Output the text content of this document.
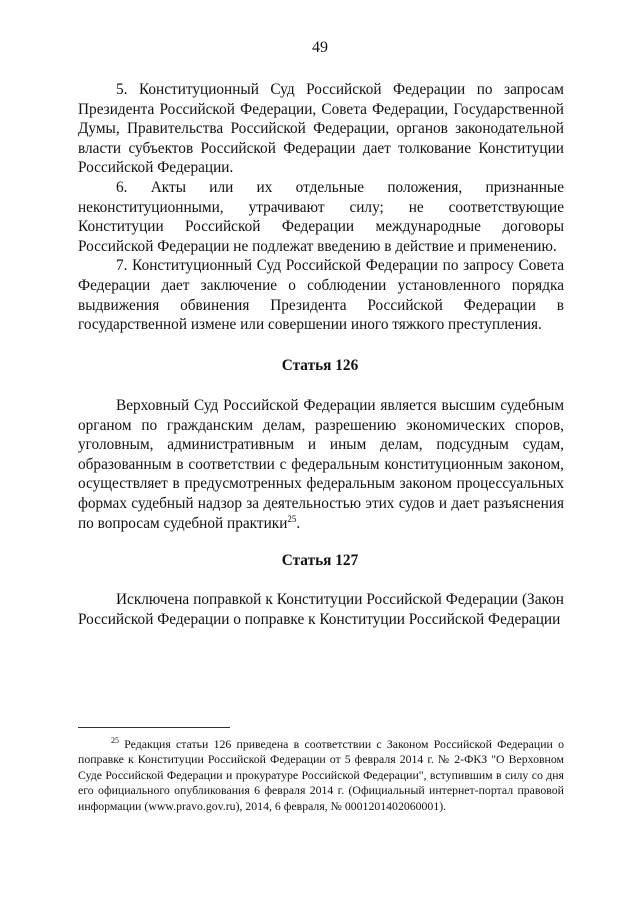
49

5. Конституционный Суд Российской Федерации по запросам Президента Российской Федерации, Совета Федерации, Государственной Думы, Правительства Российской Федерации, органов законодательной власти субъектов Российской Федерации дает толкование Конституции Российской Федерации.

6. Акты или их отдельные положения, признанные неконституционными, утрачивают силу; не соответствующие Конституции Российской Федерации международные договоры Российской Федерации не подлежат введению в действие и применению.

7. Конституционный Суд Российской Федерации по запросу Совета Федерации дает заключение о соблюдении установленного порядка выдвижения обвинения Президента Российской Федерации в государственной измене или совершении иного тяжкого преступления.

Статья 126

Верховный Суд Российской Федерации является высшим судебным органом по гражданским делам, разрешению экономических споров, уголовным, административным и иным делам, подсудным судам, образованным в соответствии с федеральным конституционным законом, осуществляет в предусмотренных федеральным законом процессуальных формах судебный надзор за деятельностью этих судов и дает разъяснения по вопросам судебной практики$^{25}$.

Статья 127

Исключена поправкой к Конституции Российской Федерации (Закон Российской Федерации о поправке к Конституции Российской Федерации

$^{25}$ Редакция статьи 126 приведена в соответствии с Законом Российской Федерации о поправке к Конституции Российской Федерации от 5 февраля 2014 г. № 2-ФКЗ "О Верховном Суде Российской Федерации и прокуратуре Российской Федерации", вступившим в силу со дня его официального опубликования 6 февраля 2014 г. (Официальный интернет-портал правовой информации (www.pravo.gov.ru), 2014, 6 февраля, № 0001201402060001).
